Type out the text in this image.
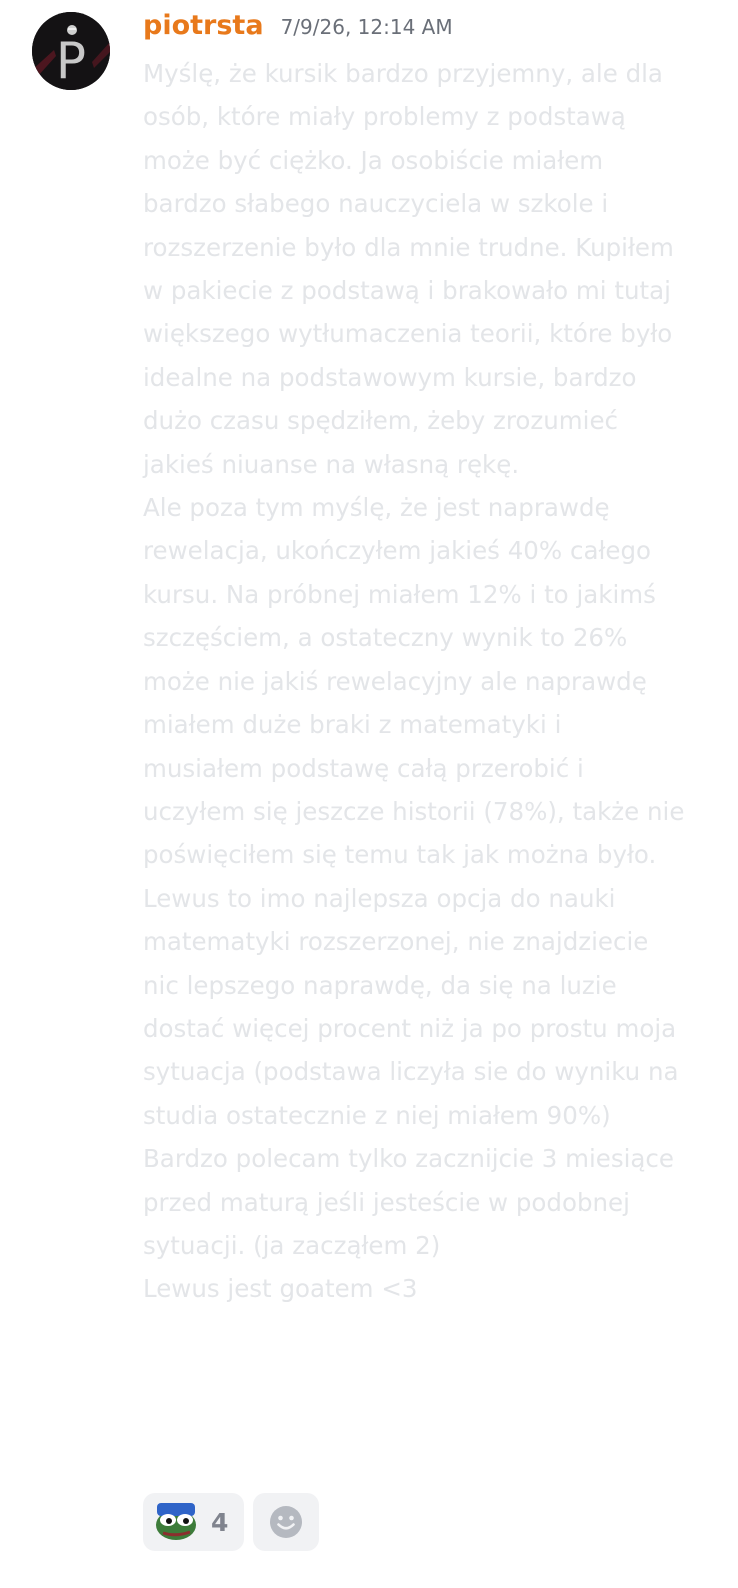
P
piotrsta 7/9/26, 12:14 AM

Myślę, że kursik bardzo przyjemny, ale dla osób, które miały problemy z podstawą może być ciężko. Ja osobiście miałem bardzo słabego nauczyciela w szkole i rozszerzenie było dla mnie trudne. Kupiłem w pakiecie z podstawą i brakowało mi tutaj większego wytłumaczenia teorii, które było idealne na podstawowym kursie, bardzo dużo czasu spędziłem, żeby zrozumieć jakieś niuanse na własną rękę.

Ale poza tym myślę, że jest naprawdę rewelacja, ukończyłem jakieś 40% całego kursu. Na próbnej miałem 12% i to jakimś szczęściem, a ostateczny wynik to 26% może nie jakiś rewelacyjny ale naprawdę miałem duże braki z matematyki i musiałem podstawę całą przerobić i uczyłem się jeszcze historii (78%), także nie poświęciłem się temu tak jak można było.

Lewus to imo najlepsza opcja do nauki matematyki rozszerzonej, nie znajdziecie nic lepszego naprawdę, da się na luzie dostać więcej procent niż ja po prostu moja sytuacja (podstawa liczyła sie do wyniku na studia ostatecznie z niej miałem 90%)

Bardzo polecam tylko zacznijcie 3 miesiące przed maturą jeśli jesteście w podobnej sytuacji. (ja zacząłem 2)

Lewus jest goatem <3

4
